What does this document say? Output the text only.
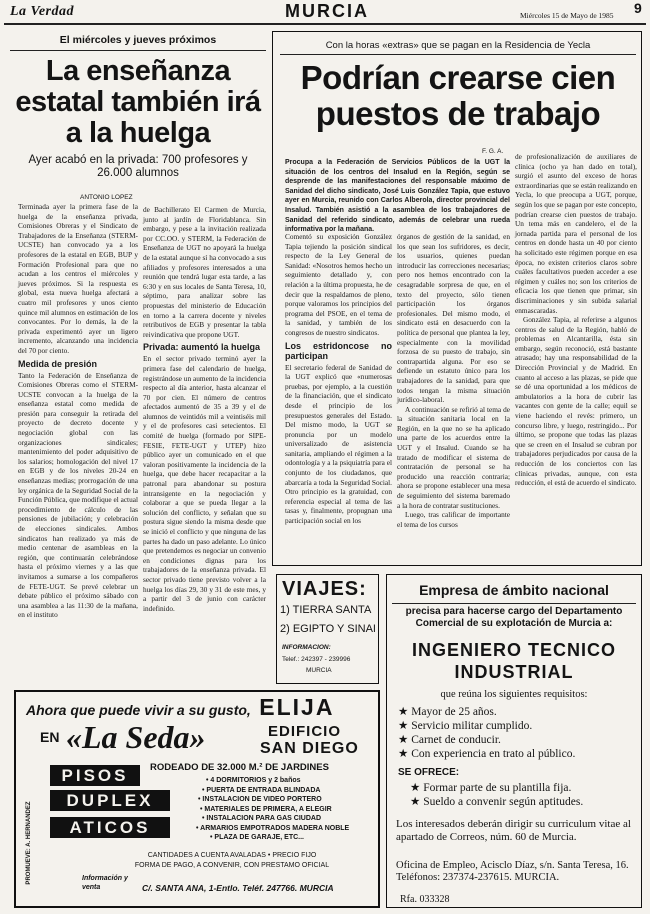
La Verdad	MURCIA	Miércoles 15 de Mayo de 1985 9
El miércoles y jueves próximos
La enseñanza estatal también irá a la huelga
Ayer acabó en la privada: 700 profesores y 26.000 alumnos
ANTONIO LOPEZ

Terminada ayer la primera fase de la huelga de la enseñanza privada, Comisiones Obreras y el Sindicato de Trabajadores de la Enseñanza (STERM-UCSTE) han convocado ya a los profesores de la estatal en EGB, BUP y Formación Profesional para que no acudan a los centros el miércoles y jueves próximos. Si la respuesta es global, esta nueva huelga afectará a cuatro mil profesores y unos ciento quince mil alumnos en estimación de los convocantes. Por lo demás, la de la privada experimentó ayer un ligero incremento, alcanzando una incidencia del 70 por ciento.

Medida de presión

Tanto la Federación de Enseñanza de Comisiones Obreras como el STERM-UCSTE convocan a la huelga de la enseñanza estatal como medida de presión para conseguir la retirada del proyecto de decreto docente y negociación global con las organizaciones sindicales; mantenimiento del poder adquisitivo de los salarios; homologación del nivel 17 en EGB y de los niveles 20-24 en enseñanzas medias; prorrogación de una ley orgánica de la Seguridad Social de la Función Pública, que modifique el actual procedimiento de cálculo de las pensiones de jubilación; y celebración de elecciones sindicales. Ambos sindicatos han realizado ya más de medio centenar de asambleas en la región, que continuarán celebrándose hasta el próximo viernes y a las que invitamos a sumarse a los compañeros de FETE-UGT. Se prevé celebrar un debate público el próximo sábado con una asamblea a las 11:30 de la mañana, en el instituto

de Bachillerato El Carmen de Murcia, junto al jardín de Floridablanca. Sin embargo, y pese a la invitación realizada por CC.OO. y STERM, la Federación de Enseñanza de UGT no apoyará la huelga de la estatal aunque sí ha convocado a sus afiliados y profesores interesados a una reunión que tendrá lugar esta tarde, a las 6:30 y en sus locales de Santa Teresa, 10, séptimo, para analizar sobre las propuestas del ministerio de Educación en torno a la carrera docente y niveles retributivos de EGB y presentar la tabla reivindicativa que propone UGT.

Privada: aumentó la huelga

En el sector privado terminó ayer la primera fase del calendario de huelga, registrándose un aumento de la incidencia respecto al día anterior, hasta alcanzar el 70 por cien. El número de centros afectados aumentó de 35 a 39 y el de alumnos de veintidós mil a veintiséis mil y el de profesores casi setecientos. El comité de huelga (formado por SIPE-FESIE, FETE-UGT y UTEP) hizo público ayer un comunicado en el que valoran positivamente la incidencia de la huelga, que debe hacer recapacitar a la patronal para abandonar su postura intransigente en la negociación y colaborar a que se pueda llegar a la solución del conflicto, y señalan que su postura sigue siendo la misma desde que se inició el conflicto y que ninguna de las partes ha dado un paso adelante. Lo único que pretendemos es negociar un convenio en condiciones dignas para los trabajadores de la enseñanza privada. El sector privado tiene previsto volver a la huelga los días 29, 30 y 31 de este mes, y a partir del 3 de junio con carácter indefinido.

Con la horas «extras» que se pagan en la Residencia de Yecla
Podrían crearse cien puestos de trabajo
F. G. A.

Procupa a la Federación de Servicios Públicos de la UGT la situación de los centros del Insalud en la Región, según se desprende de las manifestaciones del responsable máximo de Sanidad del dicho sindicato, José Luis González Tapia, que estuvo ayer en Murcia, reunido con Carlos Alberola, director provincial del Insalud. También asistió a la asamblea de los trabajadores de Sanidad del referido sindicato, además de celebrar una rueda informativa por la mañana.

Comentó su exposición González Tapia tejiendo la posición sindical respecto de la Ley General de Sanidad: «Nosotros hemos hecho un seguimiento detallado y, con relación a la última propuesta, he de decir que la respaldamos de pleno, porque valoramos los principios del programa del PSOE, en el tema de la sanidad, y también de los congresos de nuestro sindicatos.

Los estridoncose no participan

El secretario federal de Sanidad de la UGT explicó que «numerosas pruebas, por ejemplo, a la cuestión de la financiación, que el sindicato desde el principio de los presupuestos generales del Estado. Del mismo modo, la UGT se pronuncia por un modelo universalizado de asistencia sanitaria, ampliando el régimen a la odontología y a la psiquiatría para el conjunto de los ciudadanos, que abarcaría a toda la Seguridad Social. Otro principio es la gratuidad, con referencia especial al tema de las tasas y, finalmente, propugnan una participación social en los

órganos de gestión de la sanidad, en los que sean los sufridores, es decir, los usuarios, quienes puedan introducir las correcciones necesarias; pero nos hemos encontrado con la cesagradable sorpresa de que, en el texto del proyecto, sólo tienen participación los órganos profesionales. Del mismo modo, el sindicato está en desacuerdo con la política de personal que plantea la ley, especialmente con la movilidad forzosa de su puesto de trabajo, sin contrapartida alguna. Por eso se defiende un estatuto único para los trabajadores de la sanidad, para que todos tengan la misma situación jurídico-laboral.

A continuación se refirió al tema de la situación sanitaria local en la Región, en la que no se ha aplicado una parte de los acuerdos entre la UGT y el Insalud. Cuando se ha tratado de modificar el sistema de contratación de personal se ha producido una reacción contraria; ahora se propone establecer una mesa de seguimiento del sistema baremado a la hora de contratar sustituciones.

Luego, tras calificar de importante el tema de los cursos

de profesionalización de auxiliares de clínica (ocho ya han dado en total), surgió el asunto del exceso de horas extraordinarias que se están realizando en Yecla, lo que preocupa a UGT, porque, según los que se pagan por este concepto, podrían crearse cien puestos de trabajo. Un tema más en candelero, el de la jornada partida para el personal de los centros en donde hasta un 40 por ciento ha solicitado este régimen porque en esa época, no existen criterios claros sobre cuáles facultativos pueden acceder a ese régimen y cuáles no; son los criterios de eficacia los que tienen que primar, sin discriminaciones y sin subida salarial enmascaradas.

González Tapia, al referirse a algunos centros de salud de la Región, habló de problemas en Alcantarilla, ésta sin embargo, según reconoció, está bastante atrasado; hay una responsabilidad de la Dirección Provincial y de Madrid. En cuanto al acceso a las plazas, se pide que se dé una oportunidad a los médicos de ambulatorios a la hora de cubrir las vacantes con gente de la calle; equil se viene haciendo el revés: primero, un concurso libre, y luego, restringido... Por último, se propone que todas las plazas que se creen en el Insalud se cubran por trabajadores perjudicados por causa de la reducción de los conciertos con las clínicas privadas, aunque, con esta reducción, el está de acuerdo el sindicato.

VIAJES:
1) TIERRA SANTA
2) EGIPTO Y SINAI
INFORMACION:
Telef.: 242397 - 239996
MURCIA
Empresa de ámbito nacional
precisa para hacerse cargo del Departamento Comercial de su explotación de Murcia a:
INGENIERO TECNICO
INDUSTRIAL
que reúna los siguientes requisitos:
★ Mayor de 25 años.
★ Servicio militar cumplido.
★ Carnet de conducir.
★ Con experiencia en trato al público.
SE OFRECE:
★ Formar parte de su plantilla fija.
★ Sueldo a convenir según aptitudes.
Los interesados deberán dirigir su curriculum vitae al apartado de Correos, núm. 60 de Murcia.
Oficina de Empleo, Acisclo Díaz, s/n. Santa Teresa, 16. Teléfonos: 237374-237615. MURCIA.
Rfa. 033328
Ahora que puede vivir a su gusto, ELIJA
EN «La Seda»	EDIFICIO
SAN DIEGO
RODEADO DE 32.000 M.² DE JARDINES
PISOS
DUPLEX
ATICOS
• 4 DORMITORIOS y 2 baños
• PUERTA DE ENTRADA BLINDADA
• INSTALACION DE VIDEO PORTERO
• MATERIALES DE PRIMERA, A ELEGIR
• INSTALACION PARA GAS CIUDAD
• ARMARIOS EMPOTRADOS MADERA NOBLE
• PLAZA DE GARAJE, ETC...
PROMUEVE: A. HERNANDEZ	CANTIDADES A CUENTA AVALADAS • PRECIO FIJO
FORMA DE PAGO, A CONVENIR, CON PRESTAMO OFICIAL
Información y venta	C/. SANTA ANA, 1-Entlo. Teléf. 247766. MURCIA
